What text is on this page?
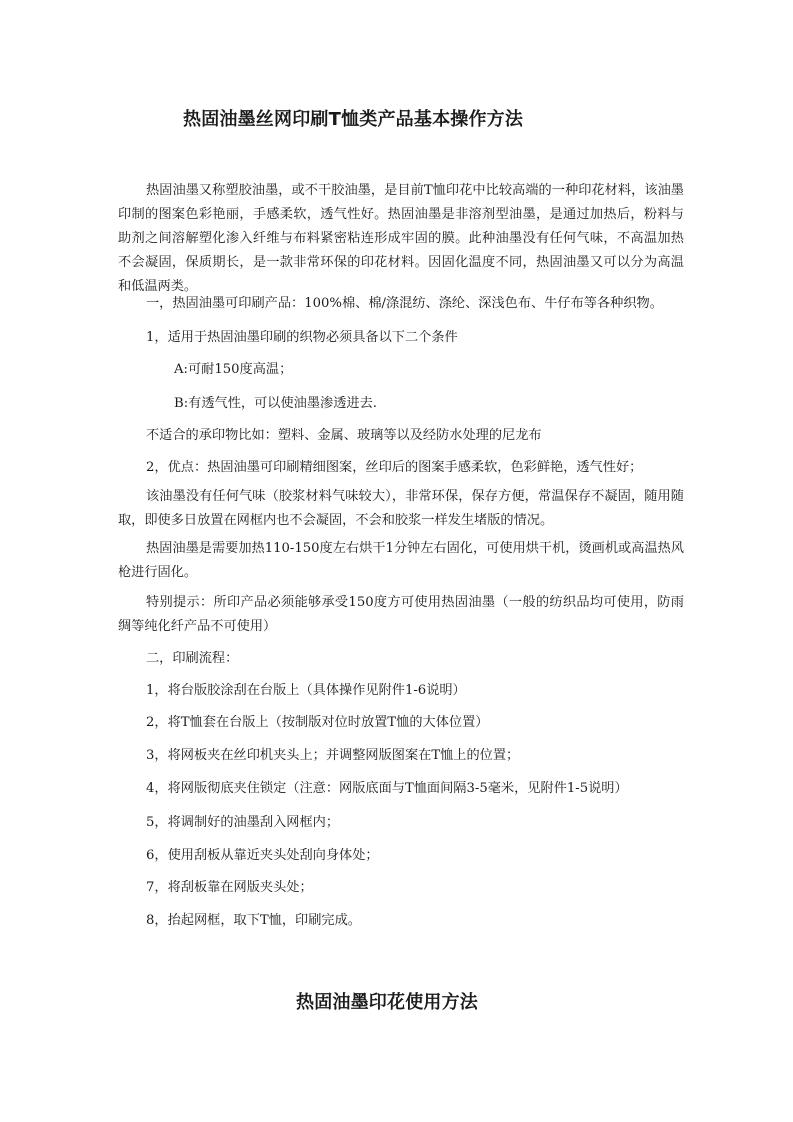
热固油墨丝网印刷T恤类产品基本操作方法
热固油墨又称塑胶油墨，或不干胶油墨，是目前T恤印花中比较高端的一种印花材料，该油墨印制的图案色彩艳丽，手感柔软，透气性好。热固油墨是非溶剂型油墨，是通过加热后，粉料与助剂之间溶解塑化渗入纤维与布料紧密粘连形成牢固的膜。此种油墨没有任何气味，不高温加热不会凝固，保质期长，是一款非常环保的印花材料。因固化温度不同，热固油墨又可以分为高温和低温两类。
一，热固油墨可印刷产品：100%棉、棉/涤混纺、涤纶、深浅色布、牛仔布等各种织物。
1，适用于热固油墨印刷的织物必须具备以下二个条件
A:可耐150度高温；
B:有透气性，可以使油墨渗透进去.
不适合的承印物比如：塑料、金属、玻璃等以及经防水处理的尼龙布
2，优点：热固油墨可印刷精细图案，丝印后的图案手感柔软，色彩鲜艳，透气性好；
该油墨没有任何气味（胶浆材料气味较大），非常环保，保存方便，常温保存不凝固，随用随取，即使多日放置在网框内也不会凝固，不会和胶浆一样发生堵版的情况。
热固油墨是需要加热110-150度左右烘干1分钟左右固化，可使用烘干机，烫画机或高温热风枪进行固化。
特别提示：所印产品必须能够承受150度方可使用热固油墨（一般的纺织品均可使用，防雨绸等纯化纤产品不可使用）
二，印刷流程：
1，将台版胶涂刮在台版上（具体操作见附件1-6说明）
2，将T恤套在台版上（按制版对位时放置T恤的大体位置）
3，将网板夹在丝印机夹头上；并调整网版图案在T恤上的位置；
4，将网版彻底夹住锁定（注意：网版底面与T恤面间隔3-5毫米，见附件1-5说明）
5，将调制好的油墨刮入网框内；
6，使用刮板从靠近夹头处刮向身体处；
7，将刮板靠在网版夹头处；
8，抬起网框，取下T恤，印刷完成。
热固油墨印花使用方法
